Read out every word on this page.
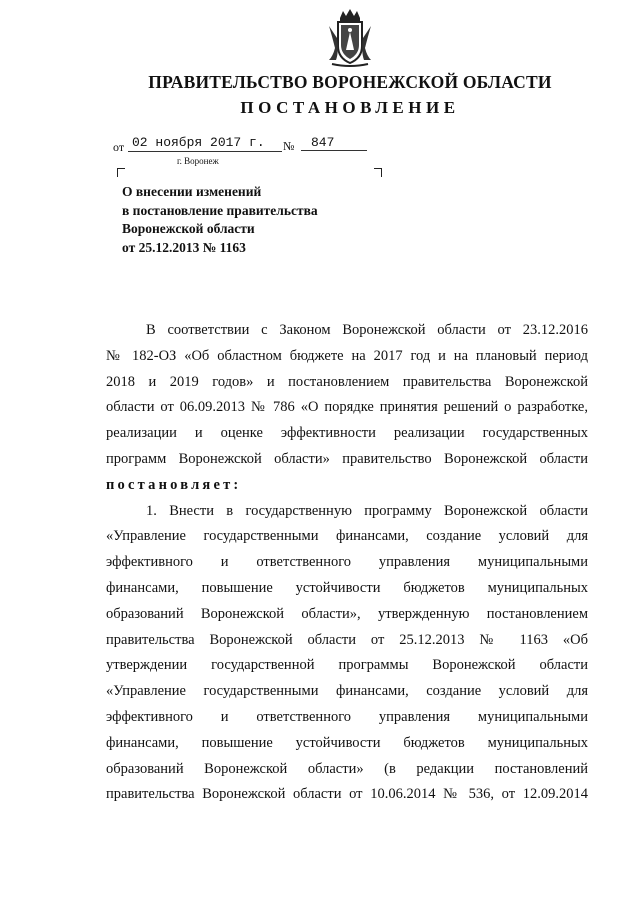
ПРАВИТЕЛЬСТВО ВОРОНЕЖСКОЙ ОБЛАСТИ
ПОСТАНОВЛЕНИЕ
от 02 ноября 2017 г.	№	847
г. Воронеж
О внесении изменений
в постановление правительства
Воронежской области
от 25.12.2013 № 1163
В соответствии с Законом Воронежской области от 23.12.2016
№ 182-ОЗ «Об областном бюджете на 2017 год и на плановый период
2018 и 2019 годов» и постановлением правительства Воронежской
области от 06.09.2013 № 786 «О порядке принятия решений о разработке,
реализации и оценке эффективности реализации государственных
программ Воронежской области» правительство Воронежской области
постановляет:
1. Внести в государственную программу Воронежской области
«Управление государственными финансами, создание условий для
эффективного и ответственного управления муниципальными
финансами, повышение устойчивости бюджетов муниципальных
образований Воронежской области», утвержденную постановлением
правительства Воронежской области от 25.12.2013 № 1163 «Об
утверждении государственной программы Воронежской области
«Управление государственными финансами, создание условий для
эффективного и ответственного управления муниципальными
финансами, повышение устойчивости бюджетов муниципальных
образований Воронежской области» (в редакции постановлений
правительства Воронежской области от 10.06.2014 № 536, от 12.09.2014
